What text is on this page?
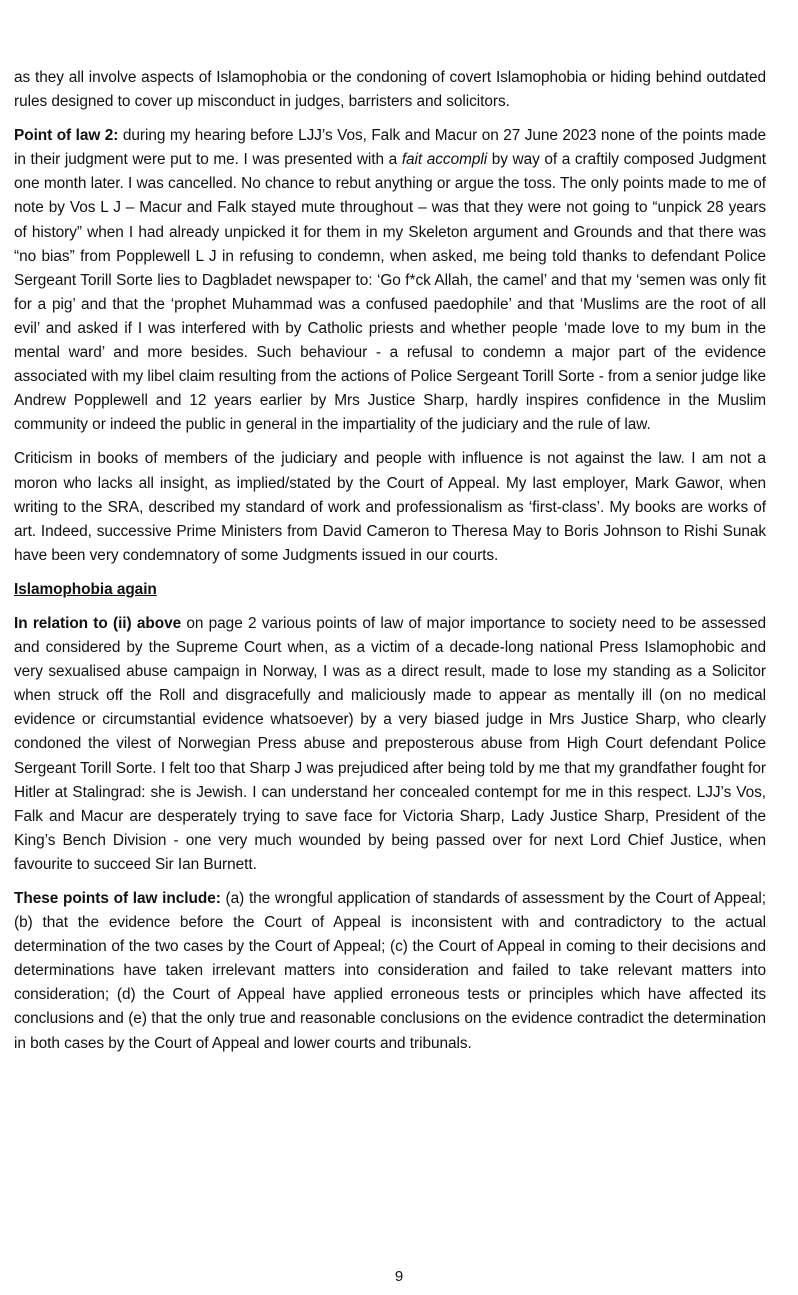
as they all involve aspects of Islamophobia or the condoning of covert Islamophobia or hiding behind outdated rules designed to cover up misconduct in judges, barristers and solicitors.

Point of law 2: during my hearing before LJJ’s Vos, Falk and Macur on 27 June 2023 none of the points made in their judgment were put to me. I was presented with a fait accompli by way of a craftily composed Judgment one month later. I was cancelled. No chance to rebut anything or argue the toss. The only points made to me of note by Vos L J – Macur and Falk stayed mute throughout – was that they were not going to “unpick 28 years of history” when I had already unpicked it for them in my Skeleton argument and Grounds and that there was “no bias” from Popplewell L J in refusing to condemn, when asked, me being told thanks to defendant Police Sergeant Torill Sorte lies to Dagbladet newspaper to: ‘Go f*ck Allah, the camel’ and that my ‘semen was only fit for a pig’ and that the ‘prophet Muhammad was a confused paedophile’ and that ‘Muslims are the root of all evil’ and asked if I was interfered with by Catholic priests and whether people ‘made love to my bum in the mental ward’ and more besides. Such behaviour - a refusal to condemn a major part of the evidence associated with my libel claim resulting from the actions of Police Sergeant Torill Sorte - from a senior judge like Andrew Popplewell and 12 years earlier by Mrs Justice Sharp, hardly inspires confidence in the Muslim community or indeed the public in general in the impartiality of the judiciary and the rule of law.

Criticism in books of members of the judiciary and people with influence is not against the law. I am not a moron who lacks all insight, as implied/stated by the Court of Appeal. My last employer, Mark Gawor, when writing to the SRA, described my standard of work and professionalism as ‘first-class’. My books are works of art. Indeed, successive Prime Ministers from David Cameron to Theresa May to Boris Johnson to Rishi Sunak have been very condemnatory of some Judgments issued in our courts.

Islamophobia again

In relation to (ii) above on page 2 various points of law of major importance to society need to be assessed and considered by the Supreme Court when, as a victim of a decade-long national Press Islamophobic and very sexualised abuse campaign in Norway, I was as a direct result, made to lose my standing as a Solicitor when struck off the Roll and disgracefully and maliciously made to appear as mentally ill (on no medical evidence or circumstantial evidence whatsoever) by a very biased judge in Mrs Justice Sharp, who clearly condoned the vilest of Norwegian Press abuse and preposterous abuse from High Court defendant Police Sergeant Torill Sorte. I felt too that Sharp J was prejudiced after being told by me that my grandfather fought for Hitler at Stalingrad: she is Jewish. I can understand her concealed contempt for me in this respect. LJJ’s Vos, Falk and Macur are desperately trying to save face for Victoria Sharp, Lady Justice Sharp, President of the King’s Bench Division - one very much wounded by being passed over for next Lord Chief Justice, when favourite to succeed Sir Ian Burnett.

These points of law include: (a) the wrongful application of standards of assessment by the Court of Appeal; (b) that the evidence before the Court of Appeal is inconsistent with and contradictory to the actual determination of the two cases by the Court of Appeal; (c) the Court of Appeal in coming to their decisions and determinations have taken irrelevant matters into consideration and failed to take relevant matters into consideration; (d) the Court of Appeal have applied erroneous tests or principles which have affected its conclusions and (e) that the only true and reasonable conclusions on the evidence contradict the determination in both cases by the Court of Appeal and lower courts and tribunals.

9
